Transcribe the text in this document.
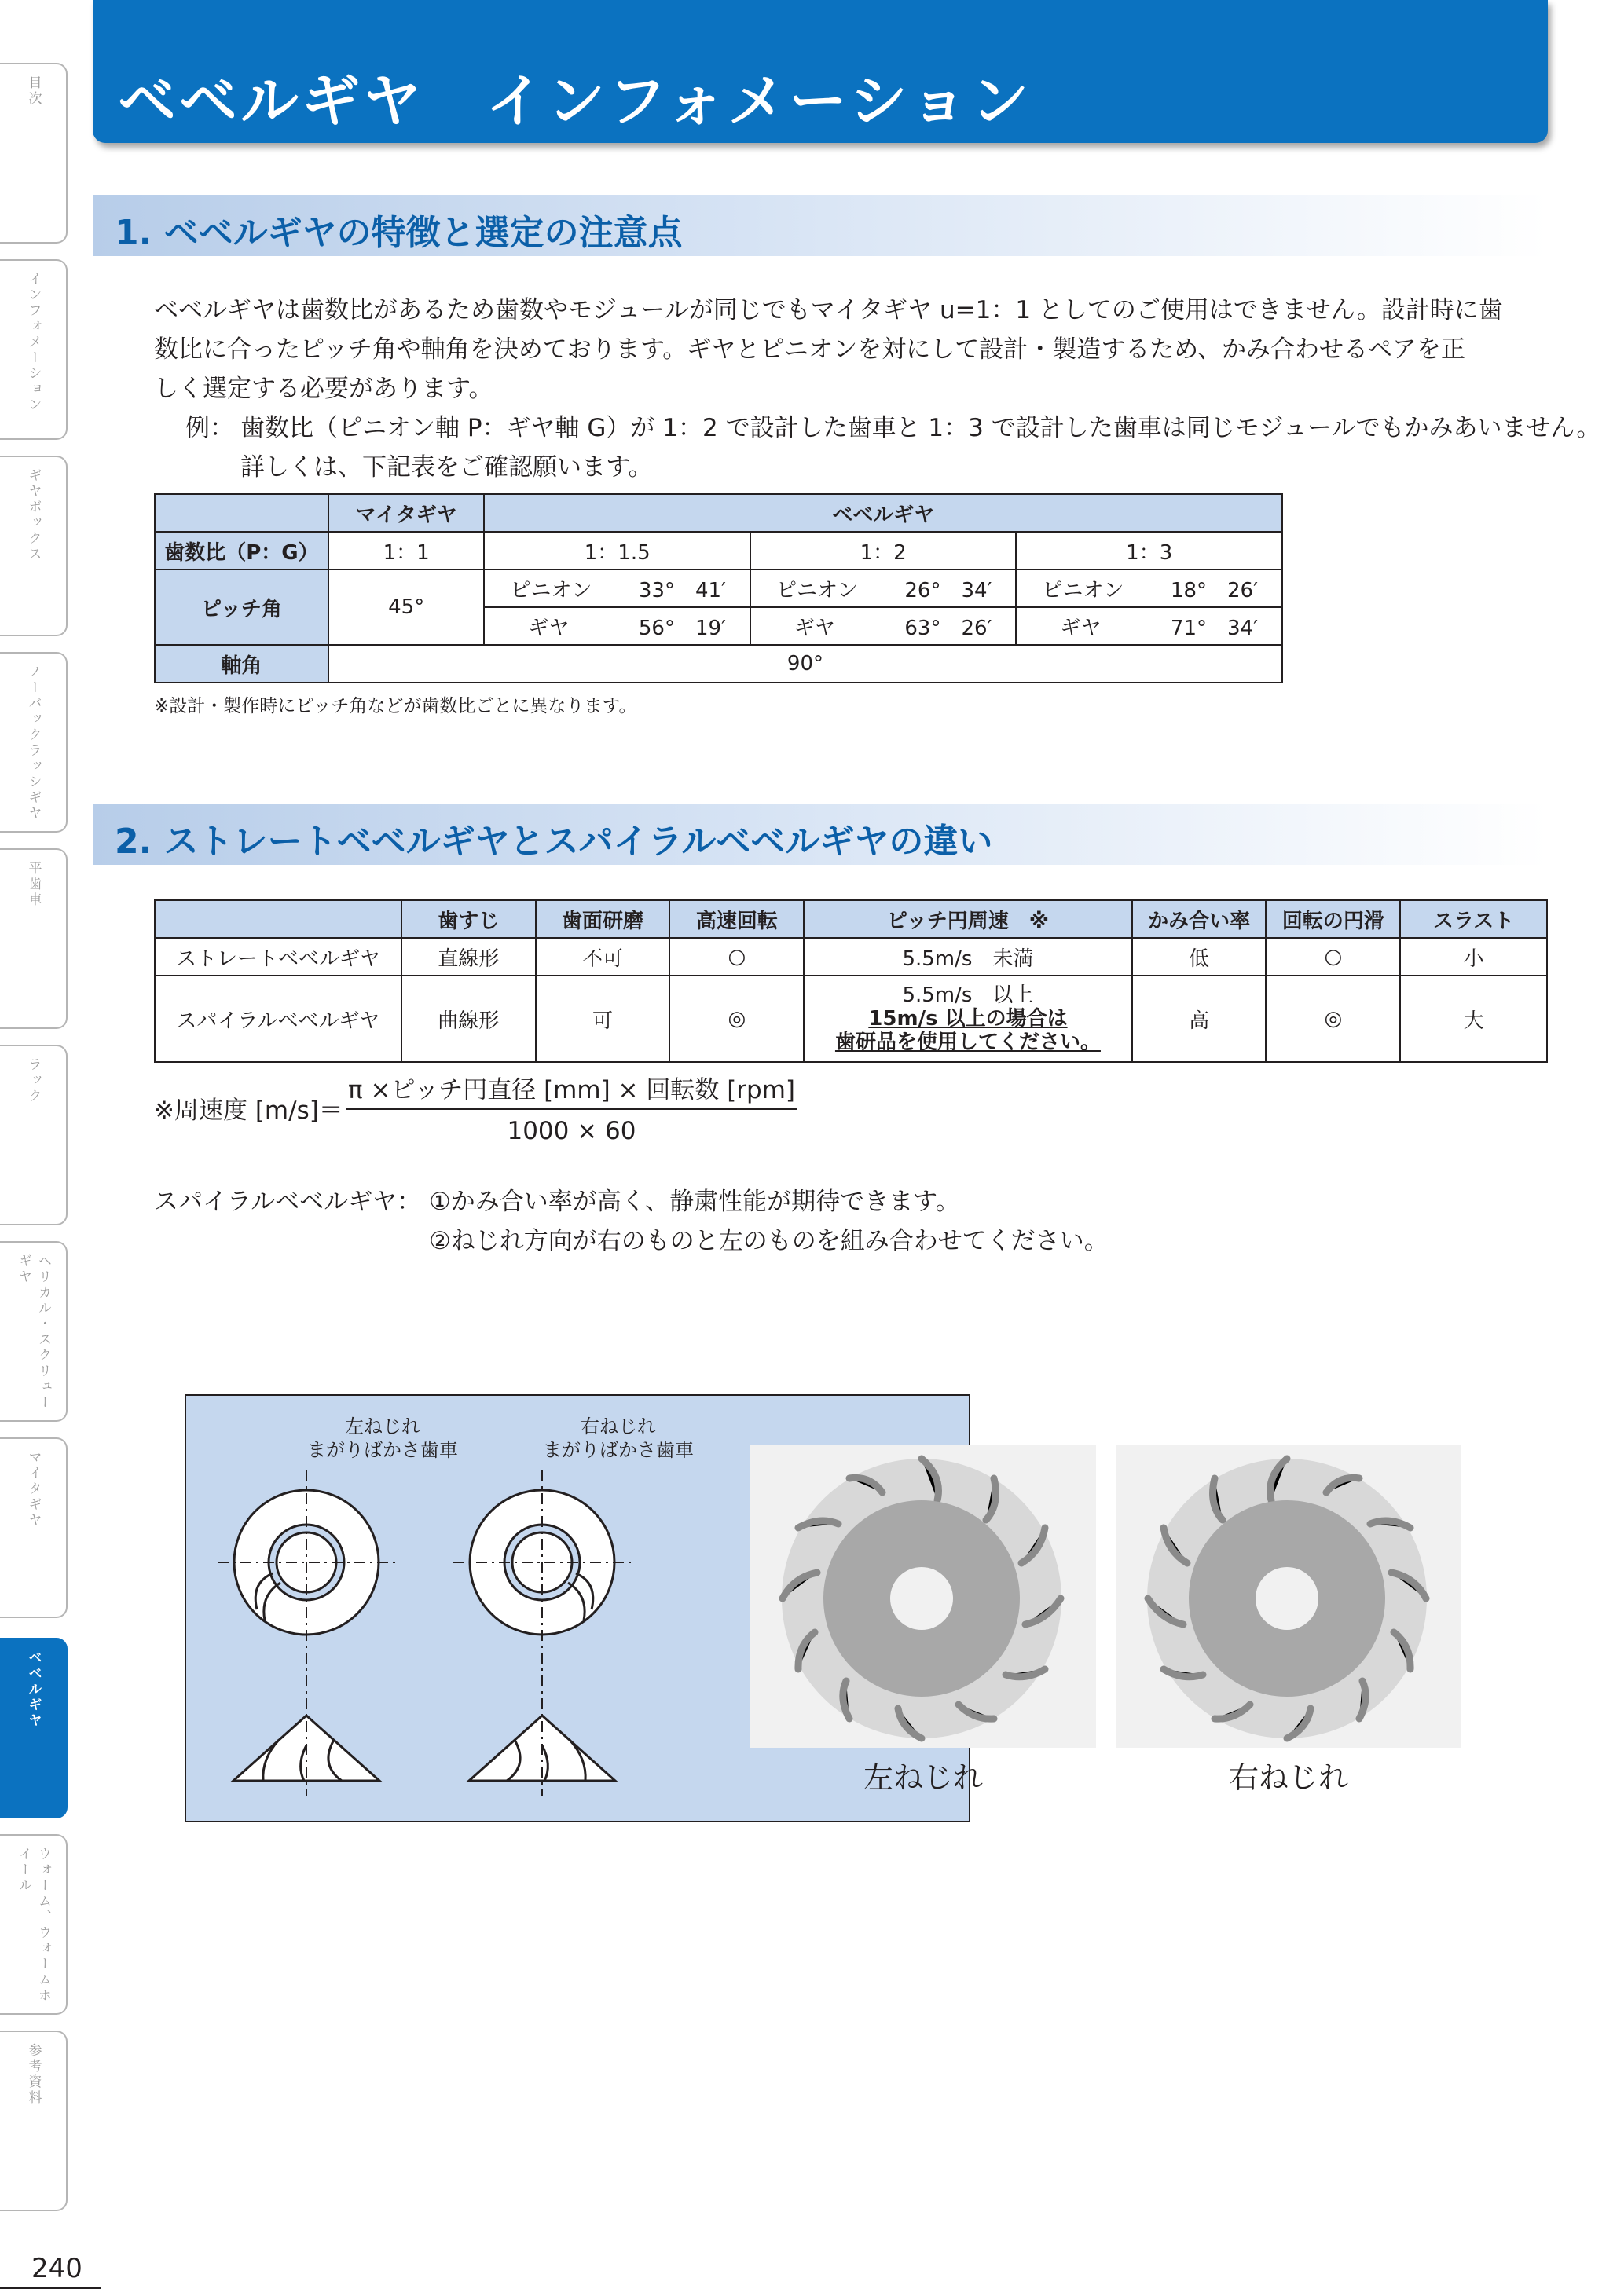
目次
インフォメーション
ギヤボックス
ノーバックラッシギヤ
平歯車
ラック
ヘリカル・スクリューギヤ
マイタギヤ
ベベルギヤ
ウォーム、ウォームホイール
参考資料
ベベルギヤ　インフォメーション
1. ベベルギヤの特徴と選定の注意点
ベベルギヤは歯数比があるため歯数やモジュールが同じでもマイタギヤ u=1：1 としてのご使用はできません。設計時に歯
数比に合ったピッチ角や軸角を決めております。ギヤとピニオンを対にして設計・製造するため、かみ合わせるペアを正
しく選定する必要があります。
例： 歯数比（ピニオン軸 P：ギヤ軸 G）が 1：2 で設計した歯車と 1：3 で設計した歯車は同じモジュールでもかみあいません。
詳しくは、下記表をご確認願います。
	マイタギヤ	ベベルギヤ		
歯数比（P：G）	1：1	1：1.5	1：2	1：3
ピッチ角	45°	ピニオン 33°　41′	ピニオン 26°　34′	ピニオン 18°　26′

		ギヤ 56°　19′	ギヤ 63°　26′	ギヤ 71°　34′

軸角	90°			
※設計・製作時にピッチ角などが歯数比ごとに異なります。
2. ストレートベベルギヤとスパイラルベベルギヤの違い
	歯すじ	歯面研磨	高速回転	ピッチ円周速　※	かみ合い率	回転の円滑	スラスト
ストレートベベルギヤ	直線形	不可	○	5.5m/s　未満	低	○	小
スパイラルベベルギヤ	曲線形	可	◎	5.5m/s　以上
15m/s 以上の場合は
歯研品を使用してください。	高	◎	大
※周速度 [m/s]＝
π ×ピッチ円直径 [mm] × 回転数 [rpm]
1000 × 60
スパイラルベベルギヤ： ①かみ合い率が高く、静粛性能が期待できます。
②ねじれ方向が右のものと左のものを組み合わせてください。
左ねじれ
まがりばかさ歯車
右ねじれ
まがりばかさ歯車
左ねじれ	右ねじれ
240
